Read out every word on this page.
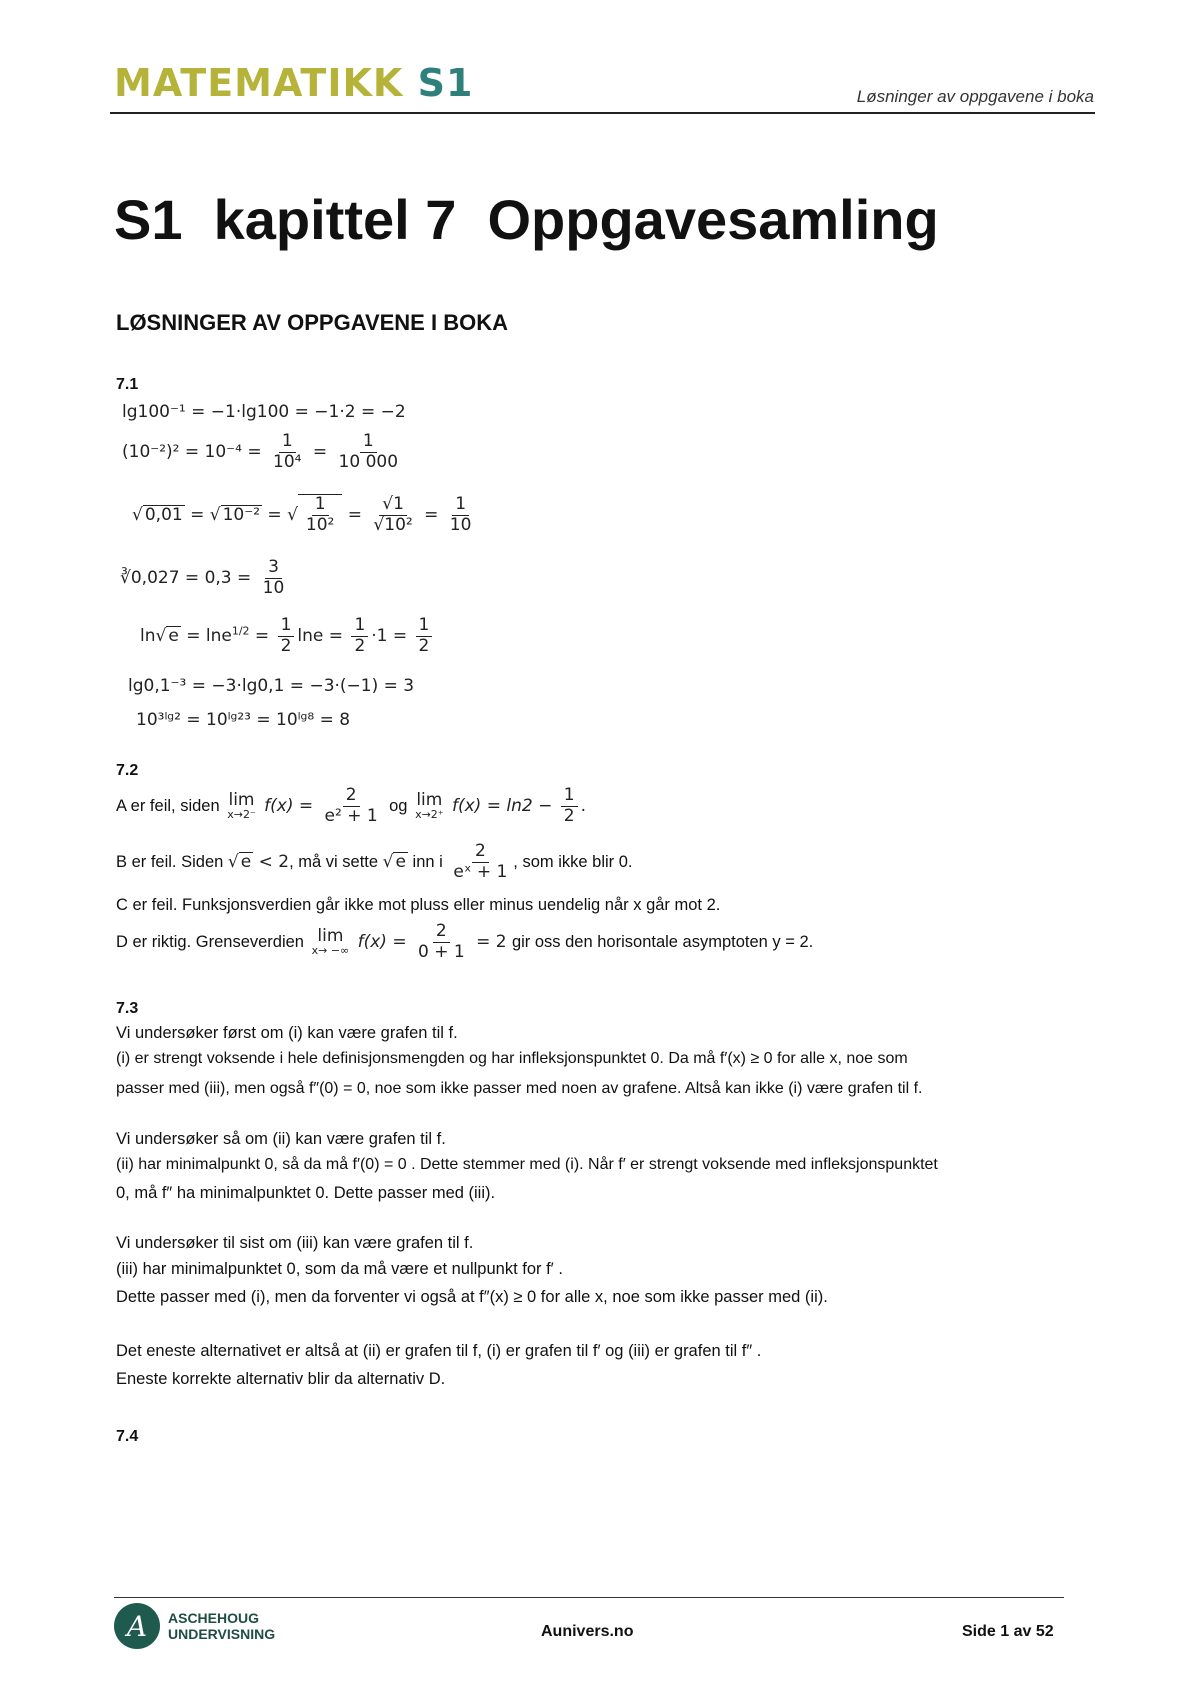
MATEMATIKK S1	Løsninger av oppgavene i boka
S1  kapittel 7  Oppgavesamling
LØSNINGER AV OPPGAVENE I BOKA
7.1
lg100⁻¹ = −1·lg100 = −1·2 = −2
$(10^{-2})^2 = 10^{-4} = \frac{1}{\text{10⁴}} = \frac{1}{10 000}$
√ 0,01 = √ 10⁻² = √ $\frac{1}{\text{10²}} = \frac{√1}{\text{√10²}} = \frac{1}{10}$
∛0,027 = $0,3 = \frac{3}{10}$
ln√ $e = \ln e^{1/2} = \frac{1}{2}$ $\ln e = \frac{1}{2} \cdot 1 = \frac{1}{2}$
lg0,1⁻³ = −3·lg0,1 = −3·(−1) = 3
10³ˡᵍ² = 10ˡᵍ²³ = 10ˡᵍ⁸ = 8
7.2
A er feil, siden lim
x→2⁻ $f(x) = \frac{2}{\text{e² + 1}}$ og lim
x→2⁺ $f(x) = \ln 2 - \frac{1}{2}$ .
B er feil. Siden √ e < 2, må vi sette √ e inn i $\frac{2}{\text{eˣ + 1}}$ , som ikke blir 0.
C er feil. Funksjonsverdien går ikke mot pluss eller minus uendelig når x går mot 2.
D er riktig. Grenseverdien lim
x→ −∞ $f(x) = \frac{2}{0 + 1} = 2$ gir oss den horisontale asymptoten y = 2.
7.3
Vi undersøker først om (i) kan være grafen til f.
(i) er strengt voksende i hele definisjonsmengden og har infleksjonspunktet 0. Da må f′(x) ≥ 0 for alle x, noe som
passer med (iii), men også f″(0) = 0, noe som ikke passer med noen av grafene. Altså kan ikke (i) være grafen til f.
Vi undersøker så om (ii) kan være grafen til f.
(ii) har minimalpunkt 0, så da må f′(0) = 0 . Dette stemmer med (i). Når f′ er strengt voksende med infleksjonspunktet
0, må f″ ha minimalpunktet 0. Dette passer med (iii).
Vi undersøker til sist om (iii) kan være grafen til f.
(iii) har minimalpunktet 0, som da må være et nullpunkt for f′ .
Dette passer med (i), men da forventer vi også at f″(x) ≥ 0 for alle x, noe som ikke passer med (ii).
Det eneste alternativet er altså at (ii) er grafen til f, (i) er grafen til f′ og (iii) er grafen til f″ .
Eneste korrekte alternativ blir da alternativ D.
7.4
A	ASCHEHOUG
UNDERVISNING	Aunivers.no	Side 1 av 52
